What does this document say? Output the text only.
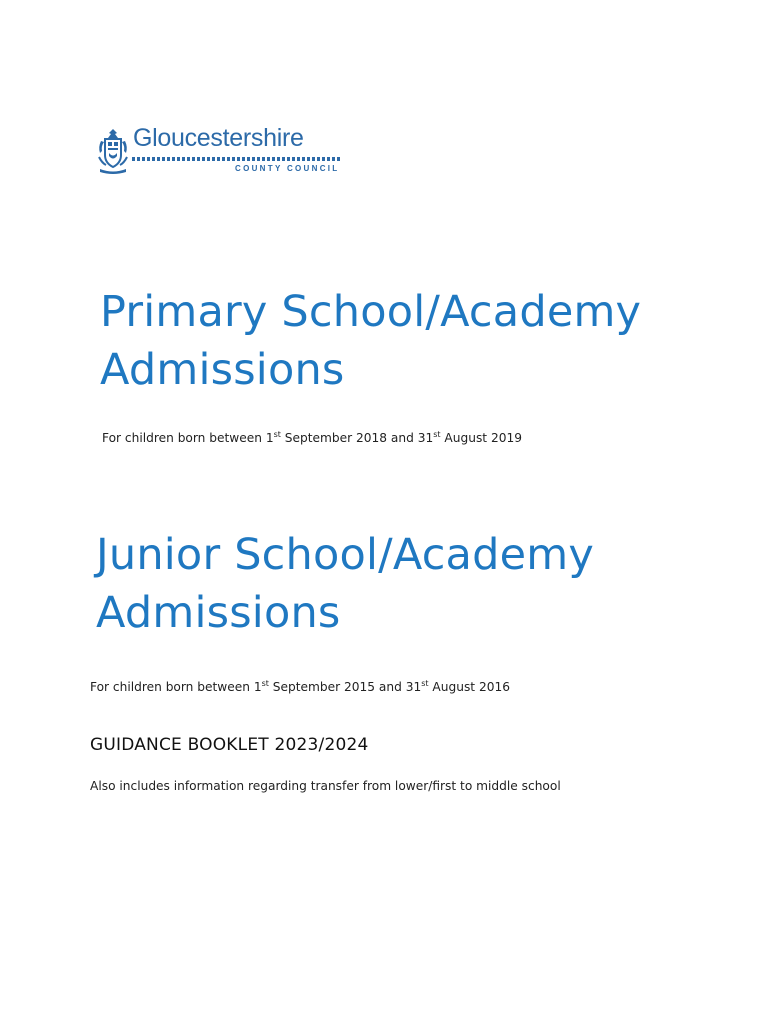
Gloucestershire
COUNTY COUNCIL
Primary School/Academy
Admissions

For children born between 1st September 2018 and 31st August 2019

Junior School/Academy
Admissions

For children born between 1st September 2015 and 31st August 2016

GUIDANCE BOOKLET 2023/2024

Also includes information regarding transfer from lower/first to middle school
